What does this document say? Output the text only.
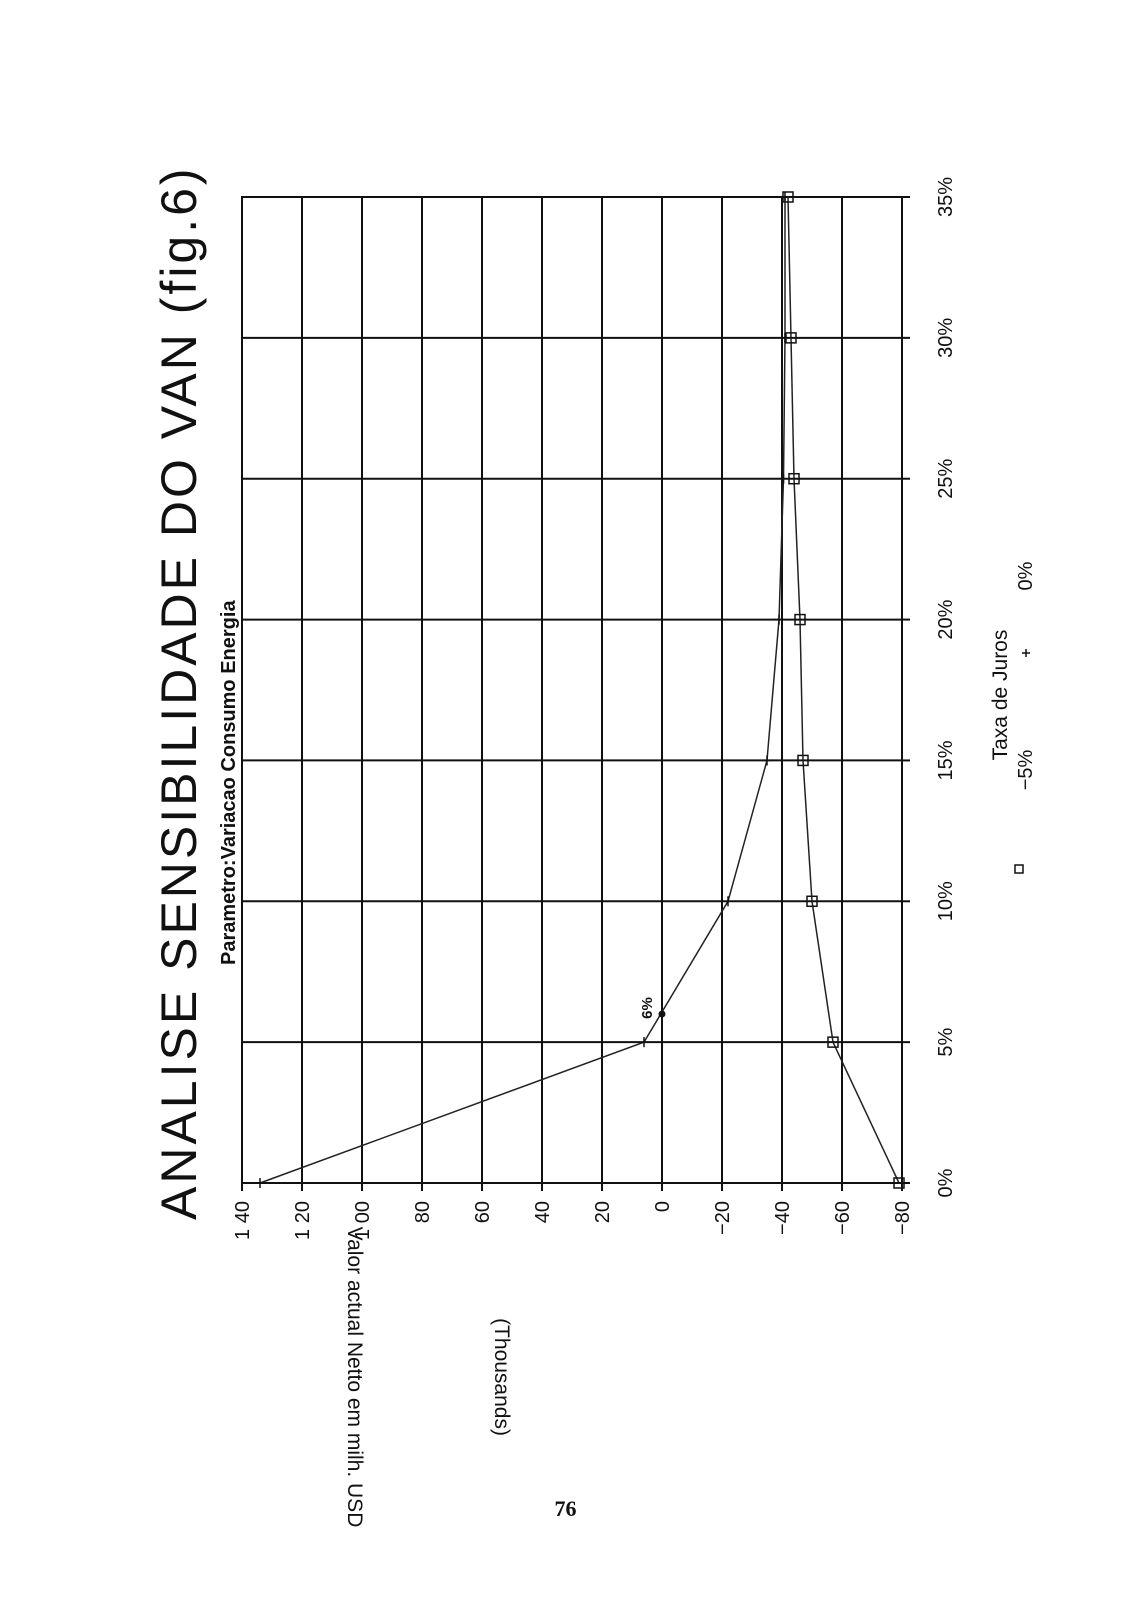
0%
5%
10%
15%
20%
25%
30%
35%
1 40 1 20 1 00 80 60 40 20 0 −20 −40 −60 −80
6%
ANALISE SENSIBILIDADE DO VAN (fig.6) Parametro:Variacao Consumo Energia
Valor actual Netto em milh. USD	(Thousands)
Taxa de Juros
−5%
0%
76
